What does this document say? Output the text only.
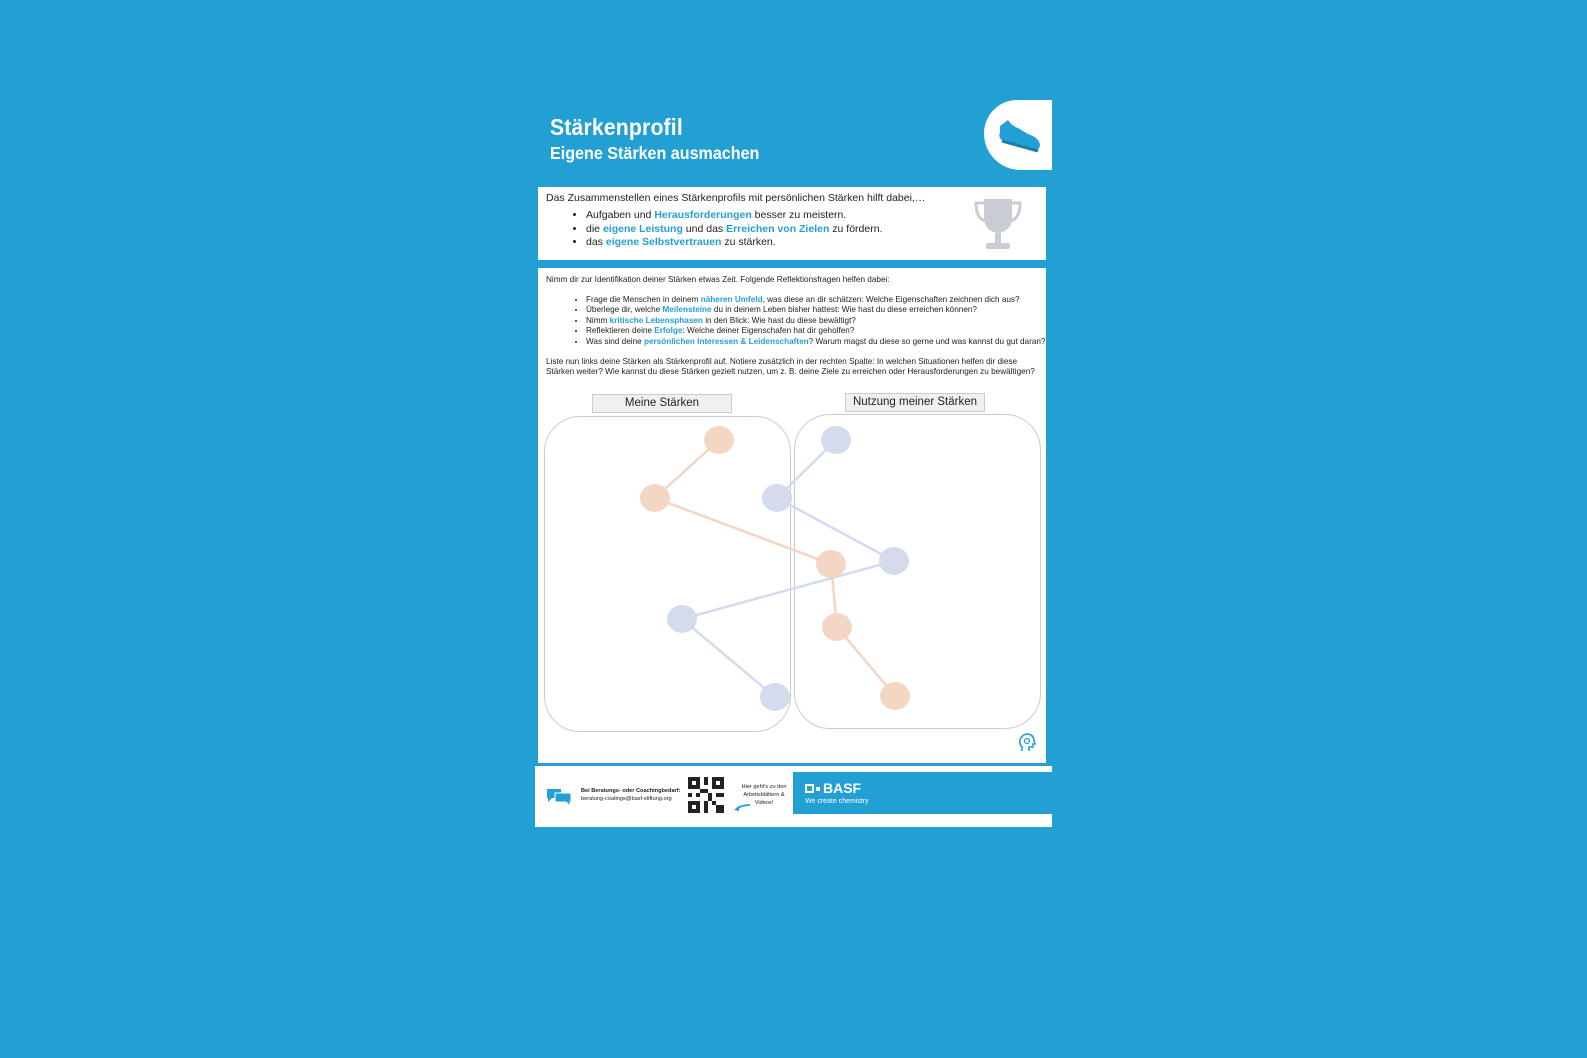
Stärkenprofil
Eigene Stärken ausmachen
Das Zusammenstellen eines Stärkenprofils mit persönlichen Stärken hilft dabei,…
• Aufgaben und Herausforderungen besser zu meistern.
• die eigene Leistung und das Erreichen von Zielen zu fördern.
• das eigene Selbstvertrauen zu stärken.
Nimm dir zur Identifikation deiner Stärken etwas Zeit. Folgende Reflektionsfragen helfen dabei:
• Frage die Menschen in deinem näheren Umfeld, was diese an dir schätzen: Welche Eigenschaften zeichnen dich aus?
• Überlege dir, welche Meilensteine du in deinem Leben bisher hattest: Wie hast du diese erreichen können?
• Nimm kritische Lebensphasen in den Blick: Wie hast du diese bewältigt?
• Reflektieren deine Erfolge: Welche deiner Eigenschafen hat dir geholfen?
• Was sind deine persönlichen Interessen & Leidenschaften? Warum magst du diese so gerne und was kannst du gut daran?
Liste nun links deine Stärken als Stärkenprofil auf. Notiere zusätzlich in der rechten Spalte: In welchen Situationen helfen dir diese Stärken weiter? Wie kannst du diese Stärken gezielt nutzen, um z. B. deine Ziele zu erreichen oder Herausforderungen zu bewältigen?
Meine Stärken	Nutzung meiner Stärken
Bei Beratungs- oder Coachingbedarf:
beratung-coatings@basf-stiftung.org
Hier geht's zu den Arbeitsblättern & Videos!
BASF
We create chemistry
